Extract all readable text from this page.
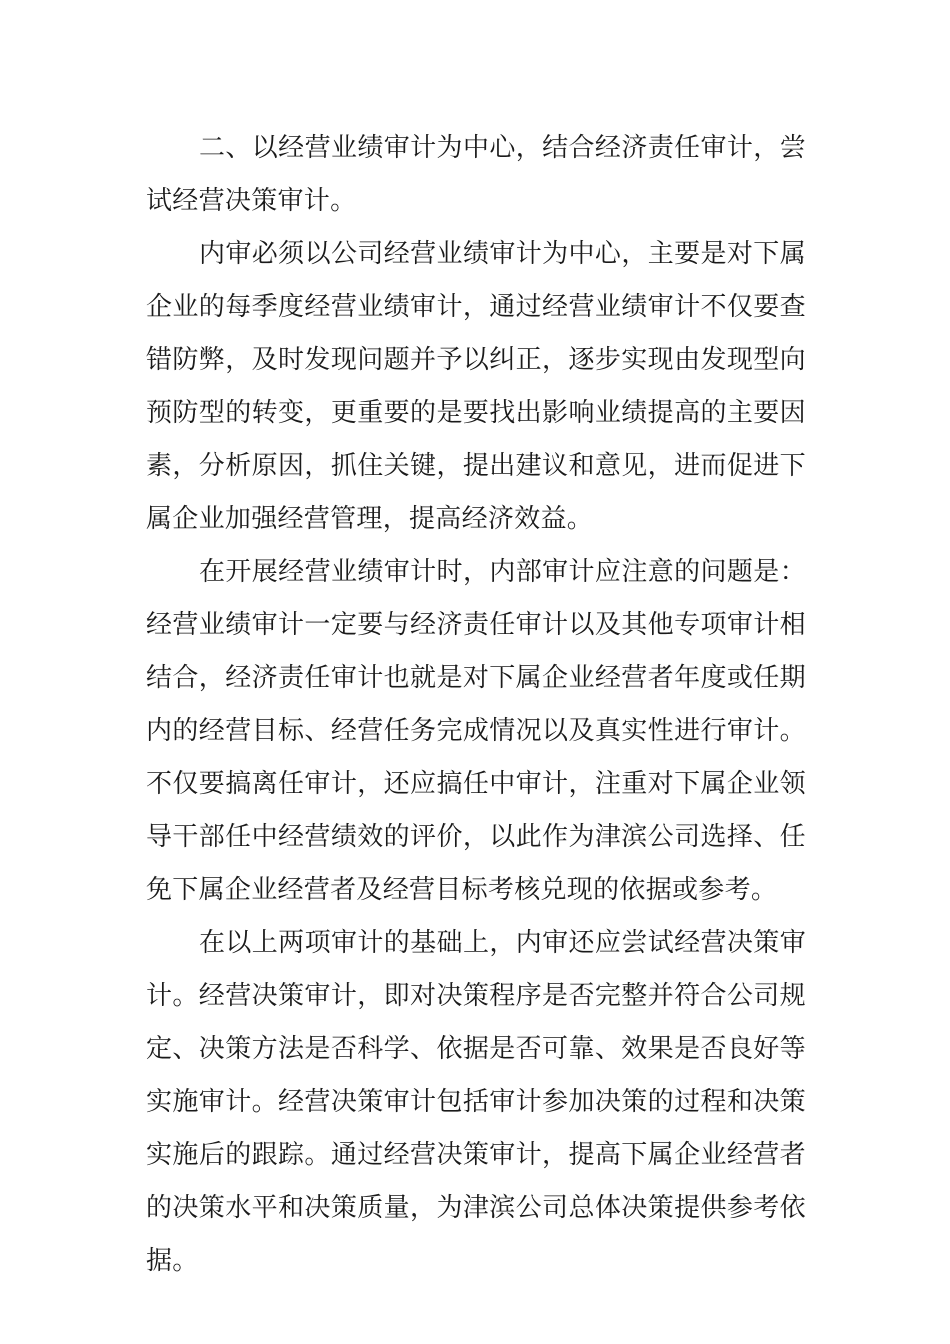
二、以经营业绩审计为中心，结合经济责任审计，尝试经营决策审计。

内审必须以公司经营业绩审计为中心，主要是对下属企业的每季度经营业绩审计，通过经营业绩审计不仅要查错防弊，及时发现问题并予以纠正，逐步实现由发现型向预防型的转变，更重要的是要找出影响业绩提高的主要因素，分析原因，抓住关键，提出建议和意见，进而促进下属企业加强经营管理，提高经济效益。

在开展经营业绩审计时，内部审计应注意的问题是：经营业绩审计一定要与经济责任审计以及其他专项审计相结合，经济责任审计也就是对下属企业经营者年度或任期内的经营目标、经营任务完成情况以及真实性进行审计。不仅要搞离任审计，还应搞任中审计，注重对下属企业领导干部任中经营绩效的评价，以此作为津滨公司选择、任免下属企业经营者及经营目标考核兑现的依据或参考。

在以上两项审计的基础上，内审还应尝试经营决策审计。经营决策审计，即对决策程序是否完整并符合公司规定、决策方法是否科学、依据是否可靠、效果是否良好等实施审计。经营决策审计包括审计参加决策的过程和决策实施后的跟踪。通过经营决策审计，提高下属企业经营者的决策水平和决策质量，为津滨公司总体决策提供参考依据。
